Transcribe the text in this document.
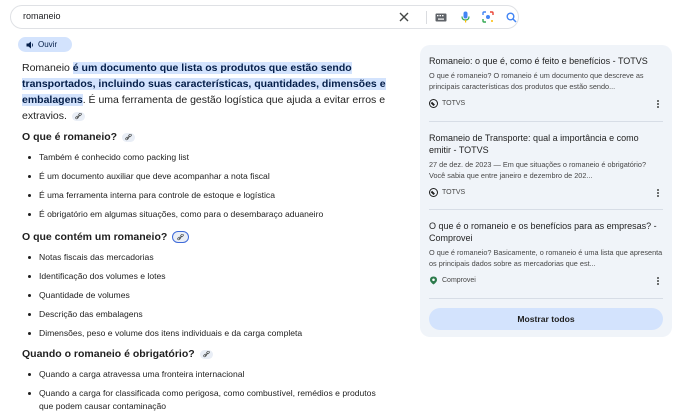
romaneio
Ouvir
Romaneio é um documento que lista os produtos que estão sendo transportados, incluindo suas características, quantidades, dimensões e embalagens. É uma ferramenta de gestão logística que ajuda a evitar erros e extravios.
O que é romaneio?
Também é conhecido como packing list
É um documento auxiliar que deve acompanhar a nota fiscal
É uma ferramenta interna para controle de estoque e logística
É obrigatório em algumas situações, como para o desembaraço aduaneiro
O que contém um romaneio?
Notas fiscais das mercadorias
Identificação dos volumes e lotes
Quantidade de volumes
Descrição das embalagens
Dimensões, peso e volume dos itens individuais e da carga completa
Quando o romaneio é obrigatório?
Quando a carga atravessa uma fronteira internacional
Quando a carga for classificada como perigosa, como combustível, remédios e produtos que podem causar contaminação
Romaneio: o que é, como é feito e benefícios - TOTVS
O que é romaneio? O romaneio é um documento que descreve as principais características dos produtos que estão sendo...
TOTVS
Romaneio de Transporte: qual a importância e como emitir - TOTVS
27 de dez. de 2023 — Em que situações o romaneio é obrigatório? Você sabia que entre janeiro e dezembro de 202...
TOTVS
O que é o romaneio e os benefícios para as empresas? - Comprovei
O que é romaneio? Basicamente, o romaneio é uma lista que apresenta os principais dados sobre as mercadorias que est...
Comprovei
Mostrar todos
